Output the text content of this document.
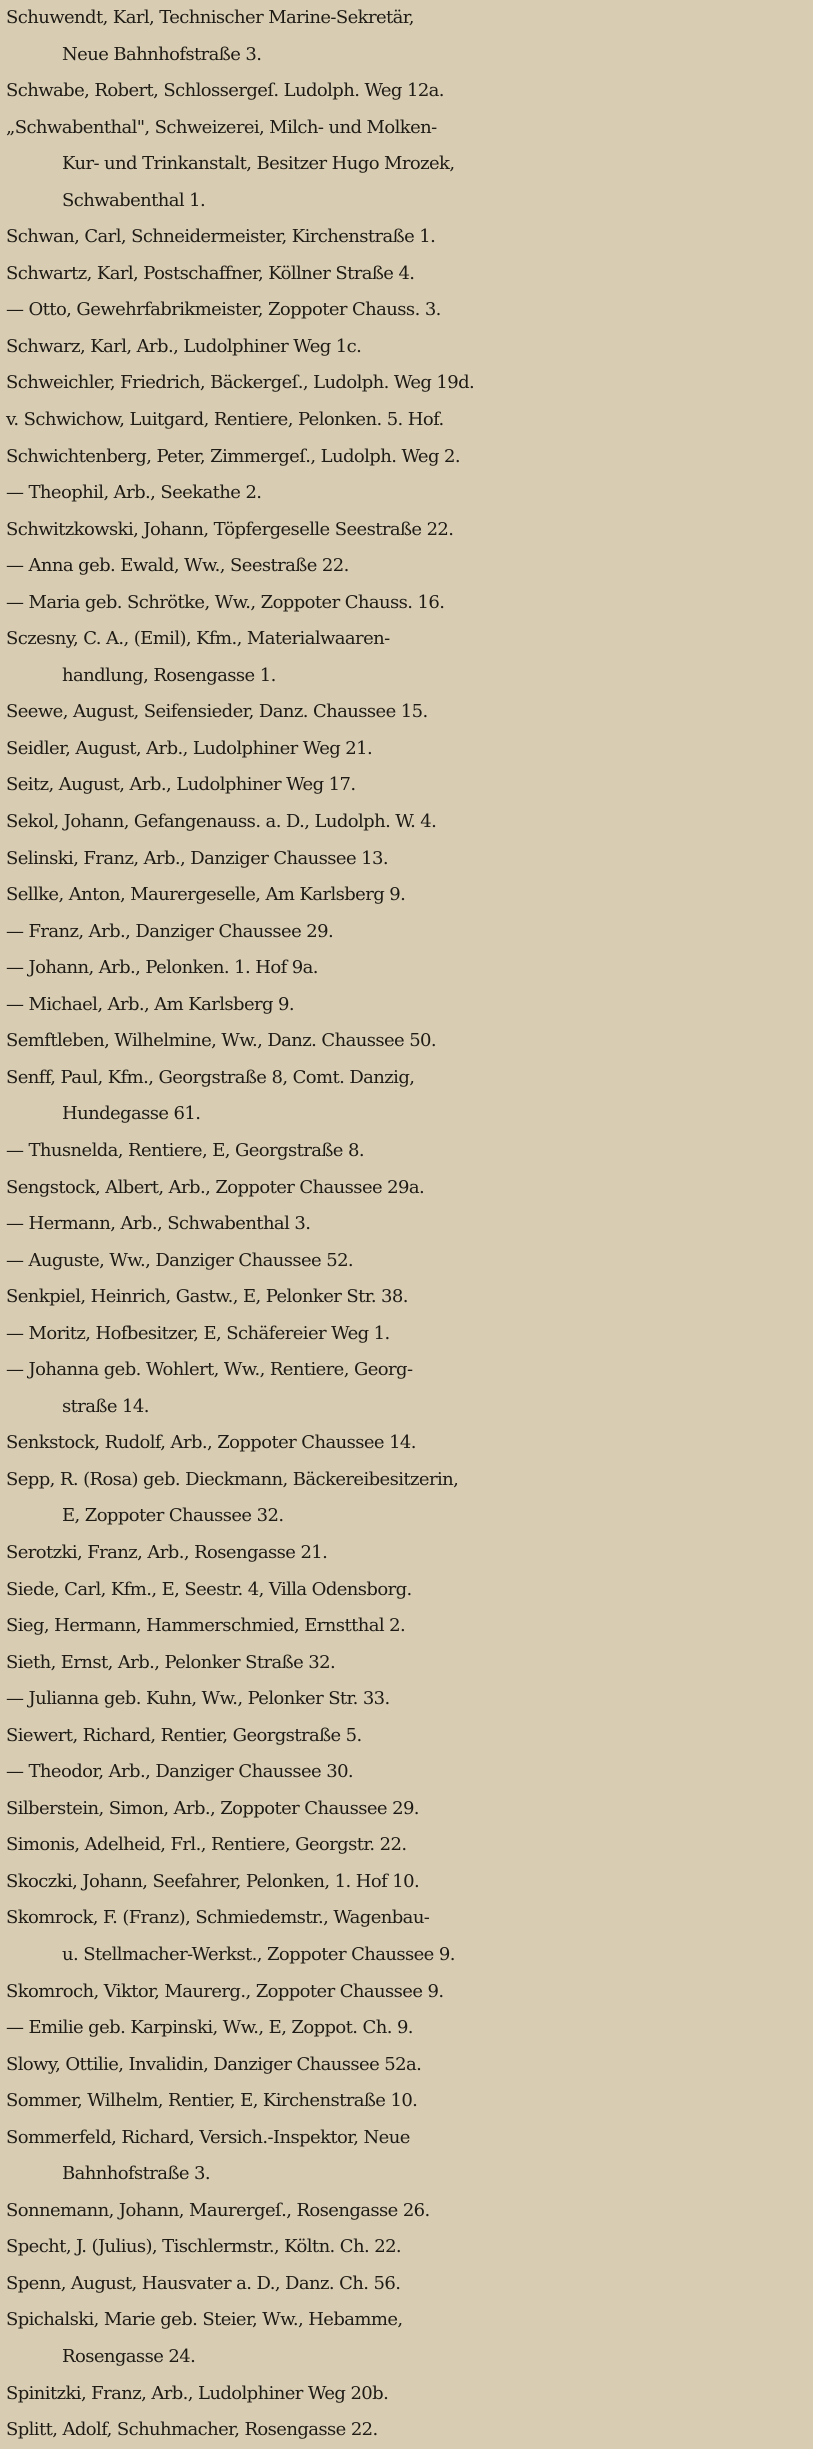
Schuwendt, Karl, Technischer Marine-Sekretär,
Neue Bahnhofstraße 3.
Schwabe, Robert, Schlossergeſ. Ludolph. Weg 12a.
„Schwabenthal", Schweizerei, Milch- und Molken-
Kur- und Trinkanstalt, Besitzer Hugo Mrozek,
Schwabenthal 1.
Schwan, Carl, Schneidermeister, Kirchenstraße 1.
Schwartz, Karl, Postschaffner, Köllner Straße 4.
— Otto, Gewehrfabrikmeister, Zoppoter Chauss. 3.
Schwarz, Karl, Arb., Ludolphiner Weg 1c.
Schweichler, Friedrich, Bäckergeſ., Ludolph. Weg 19d.
v. Schwichow, Luitgard, Rentiere, Pelonken. 5. Hof.
Schwichtenberg, Peter, Zimmergeſ., Ludolph. Weg 2.
— Theophil, Arb., Seekathe 2.
Schwitzkowski, Johann, Töpfergeselle Seestraße 22.
— Anna geb. Ewald, Ww., Seestraße 22.
— Maria geb. Schrötke, Ww., Zoppoter Chauss. 16.
Sczesny, C. A., (Emil), Kfm., Materialwaaren-
handlung, Rosengasse 1.
Seewe, August, Seifensieder, Danz. Chaussee 15.
Seidler, August, Arb., Ludolphiner Weg 21.
Seitz, August, Arb., Ludolphiner Weg 17.
Sekol, Johann, Gefangenauss. a. D., Ludolph. W. 4.
Selinski, Franz, Arb., Danziger Chaussee 13.
Sellke, Anton, Maurergeselle, Am Karlsberg 9.
— Franz, Arb., Danziger Chaussee 29.
— Johann, Arb., Pelonken. 1. Hof 9a.
— Michael, Arb., Am Karlsberg 9.
Semftleben, Wilhelmine, Ww., Danz. Chaussee 50.
Senff, Paul, Kfm., Georgstraße 8, Comt. Danzig,
Hundegasse 61.
— Thusnelda, Rentiere, E, Georgstraße 8.
Sengstock, Albert, Arb., Zoppoter Chaussee 29a.
— Hermann, Arb., Schwabenthal 3.
— Auguste, Ww., Danziger Chaussee 52.
Senkpiel, Heinrich, Gastw., E, Pelonker Str. 38.
— Moritz, Hofbesitzer, E, Schäfereier Weg 1.
— Johanna geb. Wohlert, Ww., Rentiere, Georg-
straße 14.
Senkstock, Rudolf, Arb., Zoppoter Chaussee 14.
Sepp, R. (Rosa) geb. Dieckmann, Bäckereibesitzerin,
E, Zoppoter Chaussee 32.
Serotzki, Franz, Arb., Rosengasse 21.
Siede, Carl, Kfm., E, Seestr. 4, Villa Odensborg.
Sieg, Hermann, Hammerschmied, Ernstthal 2.
Sieth, Ernst, Arb., Pelonker Straße 32.
— Julianna geb. Kuhn, Ww., Pelonker Str. 33.
Siewert, Richard, Rentier, Georgstraße 5.
— Theodor, Arb., Danziger Chaussee 30.
Silberstein, Simon, Arb., Zoppoter Chaussee 29.
Simonis, Adelheid, Frl., Rentiere, Georgstr. 22.
Skoczki, Johann, Seefahrer, Pelonken, 1. Hof 10.
Skomrock, F. (Franz), Schmiedemstr., Wagenbau-
u. Stellmacher-Werkst., Zoppoter Chaussee 9.
Skomroch, Viktor, Maurerg., Zoppoter Chaussee 9.
— Emilie geb. Karpinski, Ww., E, Zoppot. Ch. 9.
Slowy, Ottilie, Invalidin, Danziger Chaussee 52a.
Sommer, Wilhelm, Rentier, E, Kirchenstraße 10.
Sommerfeld, Richard, Versich.-Inspektor, Neue
Bahnhofstraße 3.
Sonnemann, Johann, Maurergeſ., Rosengasse 26.
Specht, J. (Julius), Tischlermstr., Költn. Ch. 22.
Spenn, August, Hausvater a. D., Danz. Ch. 56.
Spichalski, Marie geb. Steier, Ww., Hebamme,
Rosengasse 24.
Spinitzki, Franz, Arb., Ludolphiner Weg 20b.
Splitt, Adolf, Schuhmacher, Rosengasse 22.
